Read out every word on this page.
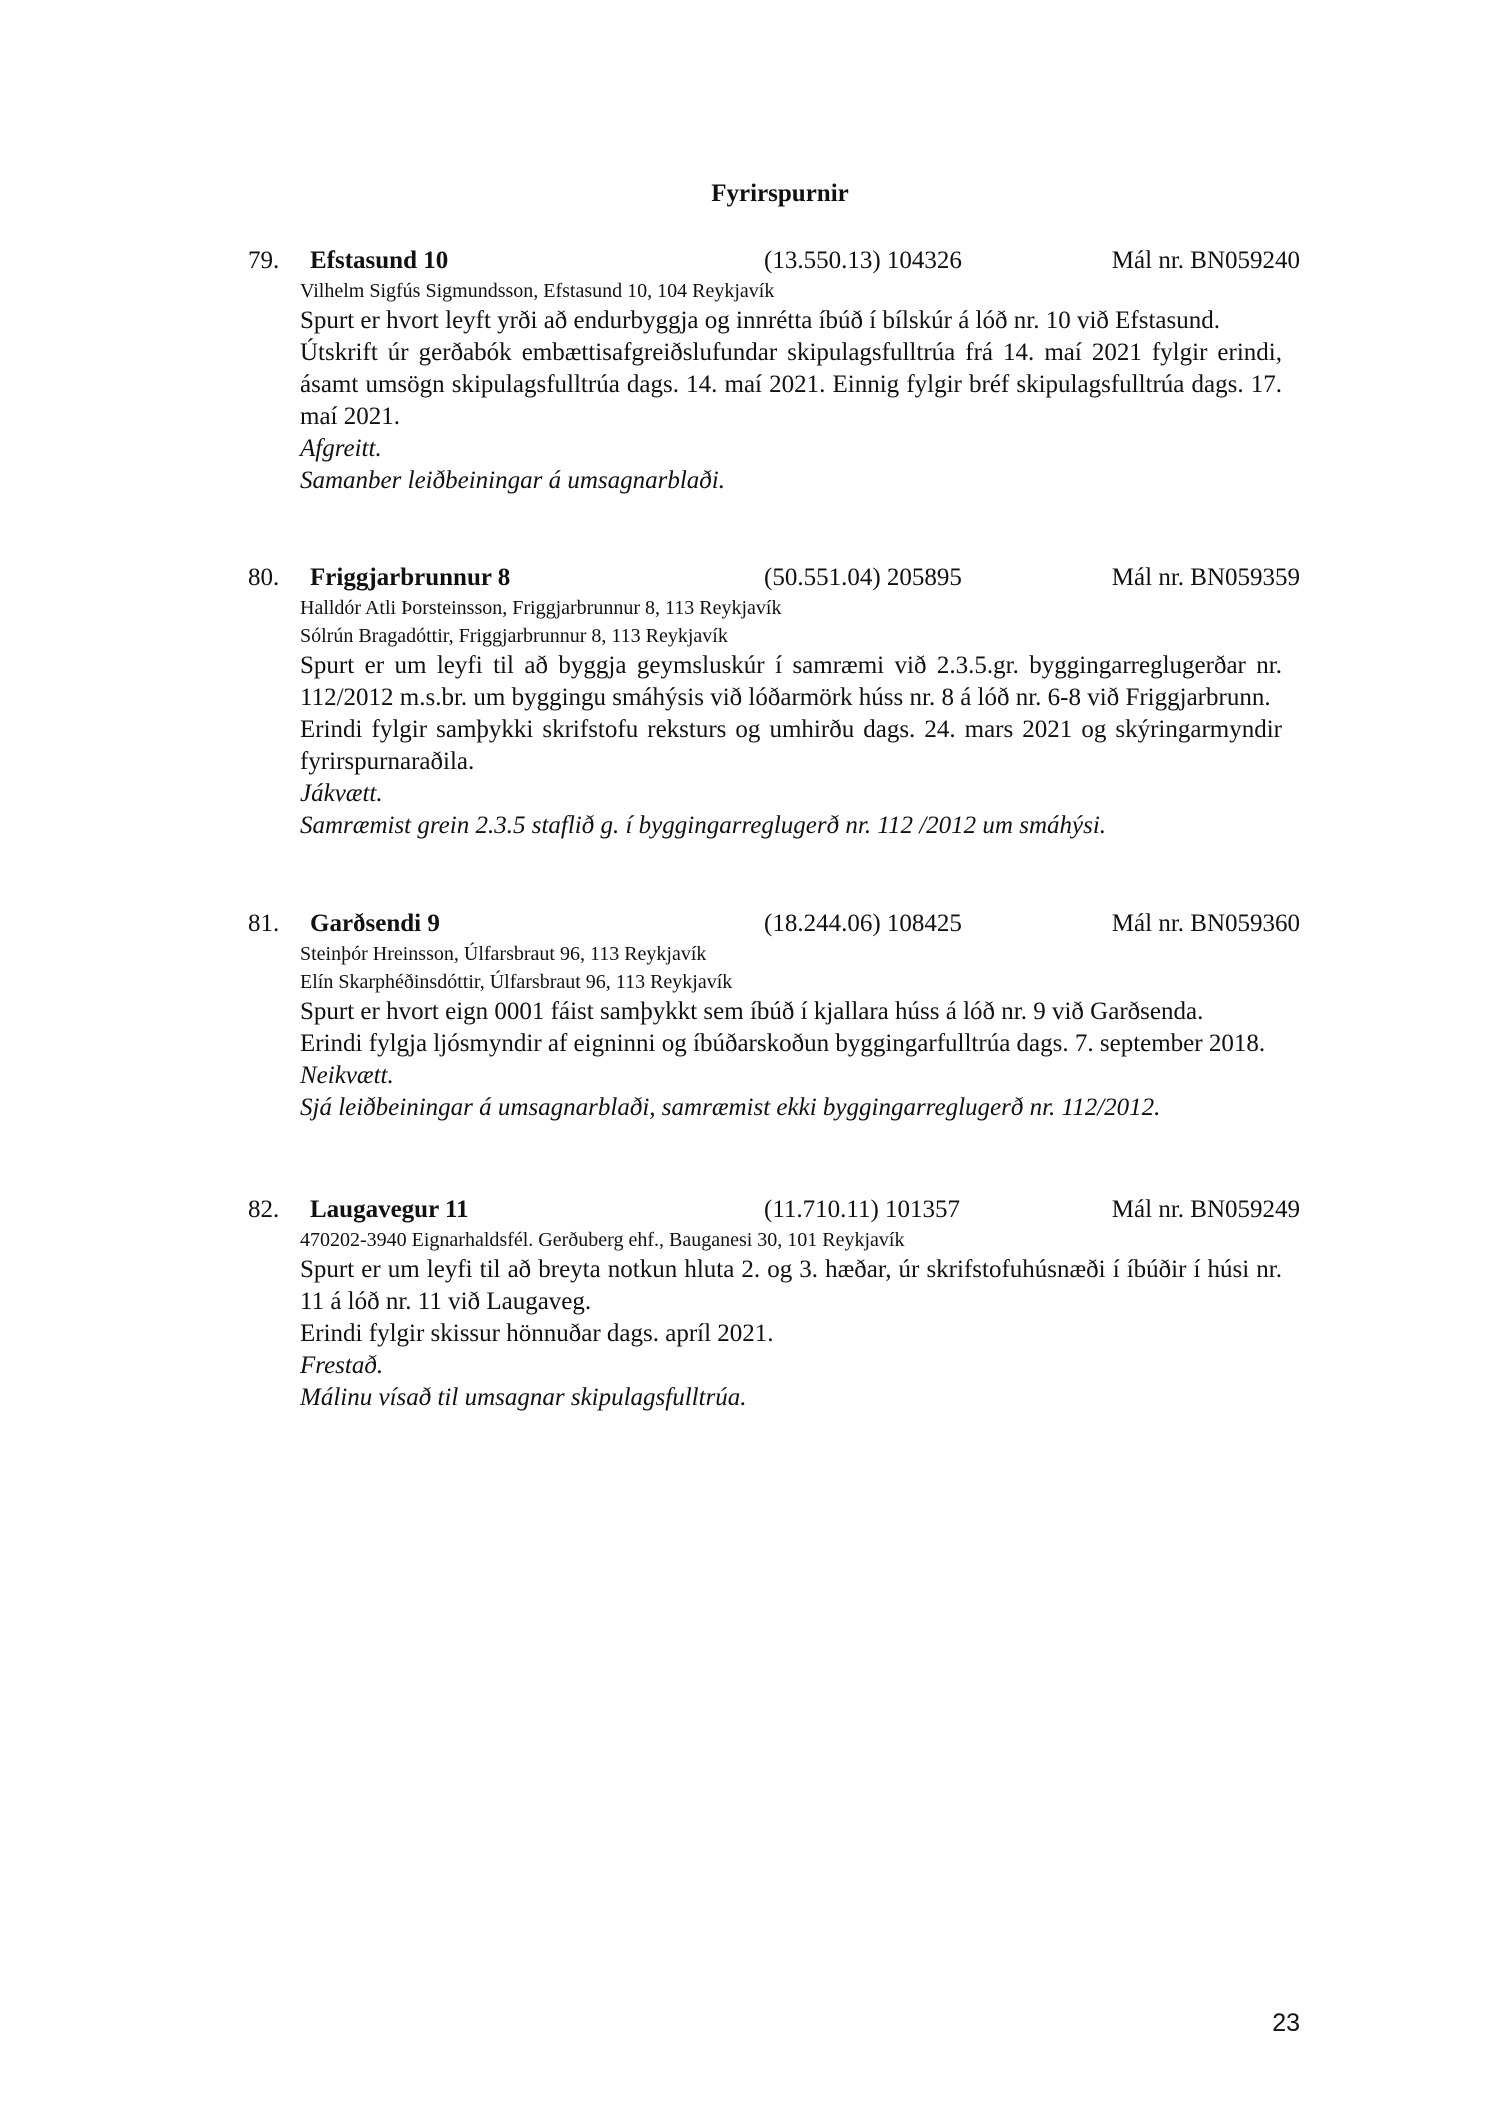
Fyrirspurnir
79. Efstasund 10	(13.550.13) 104326	Mál nr. BN059240
Vilhelm Sigfús Sigmundsson, Efstasund 10, 104 Reykjavík
Spurt er hvort leyft yrði að endurbyggja og innrétta íbúð í bílskúr á lóð nr. 10 við Efstasund.
Útskrift úr gerðabók embættisafgreiðslufundar skipulagsfulltrúa frá 14. maí 2021 fylgir erindi, ásamt umsögn skipulagsfulltrúa dags. 14. maí 2021. Einnig fylgir bréf skipulagsfulltrúa dags. 17. maí 2021.
Afgreitt.
Samanber leiðbeiningar á umsagnarblaði.
80. Friggjarbrunnur 8	(50.551.04) 205895	Mál nr. BN059359
Halldór Atli Þorsteinsson, Friggjarbrunnur 8, 113 Reykjavík
Sólrún Bragadóttir, Friggjarbrunnur 8, 113 Reykjavík
Spurt er um leyfi til að byggja geymsluskúr í samræmi við 2.3.5.gr. byggingarreglugerðar nr. 112/2012 m.s.br. um byggingu smáhýsis við lóðarmörk húss nr. 8 á lóð nr. 6-8 við Friggjarbrunn.
Erindi fylgir samþykki skrifstofu reksturs og umhirðu dags. 24. mars 2021 og skýringarmyndir fyrirspurnaraðila.
Jákvætt.
Samræmist grein 2.3.5 staflið g. í byggingarreglugerð nr. 112 /2012 um smáhýsi.
81. Garðsendi 9	(18.244.06) 108425	Mál nr. BN059360
Steinþór Hreinsson, Úlfarsbraut 96, 113 Reykjavík
Elín Skarphéðinsdóttir, Úlfarsbraut 96, 113 Reykjavík
Spurt er hvort eign 0001 fáist samþykkt sem íbúð í kjallara húss á lóð nr. 9 við Garðsenda.
Erindi fylgja ljósmyndir af eigninni og íbúðarskoðun byggingarfulltrúa dags. 7. september 2018.
Neikvætt.
Sjá leiðbeiningar á umsagnarblaði, samræmist ekki byggingarreglugerð nr. 112/2012.
82. Laugavegur 11	(11.710.11) 101357	Mál nr. BN059249
470202-3940 Eignarhaldsfél. Gerðuberg ehf., Bauganesi 30, 101 Reykjavík
Spurt er um leyfi til að breyta notkun hluta 2. og 3. hæðar, úr skrifstofuhúsnæði í íbúðir í húsi nr. 11 á lóð nr. 11 við Laugaveg.
Erindi fylgir skissur hönnuðar dags. apríl 2021.
Frestað.
Málinu vísað til umsagnar skipulagsfulltrúa.
23
